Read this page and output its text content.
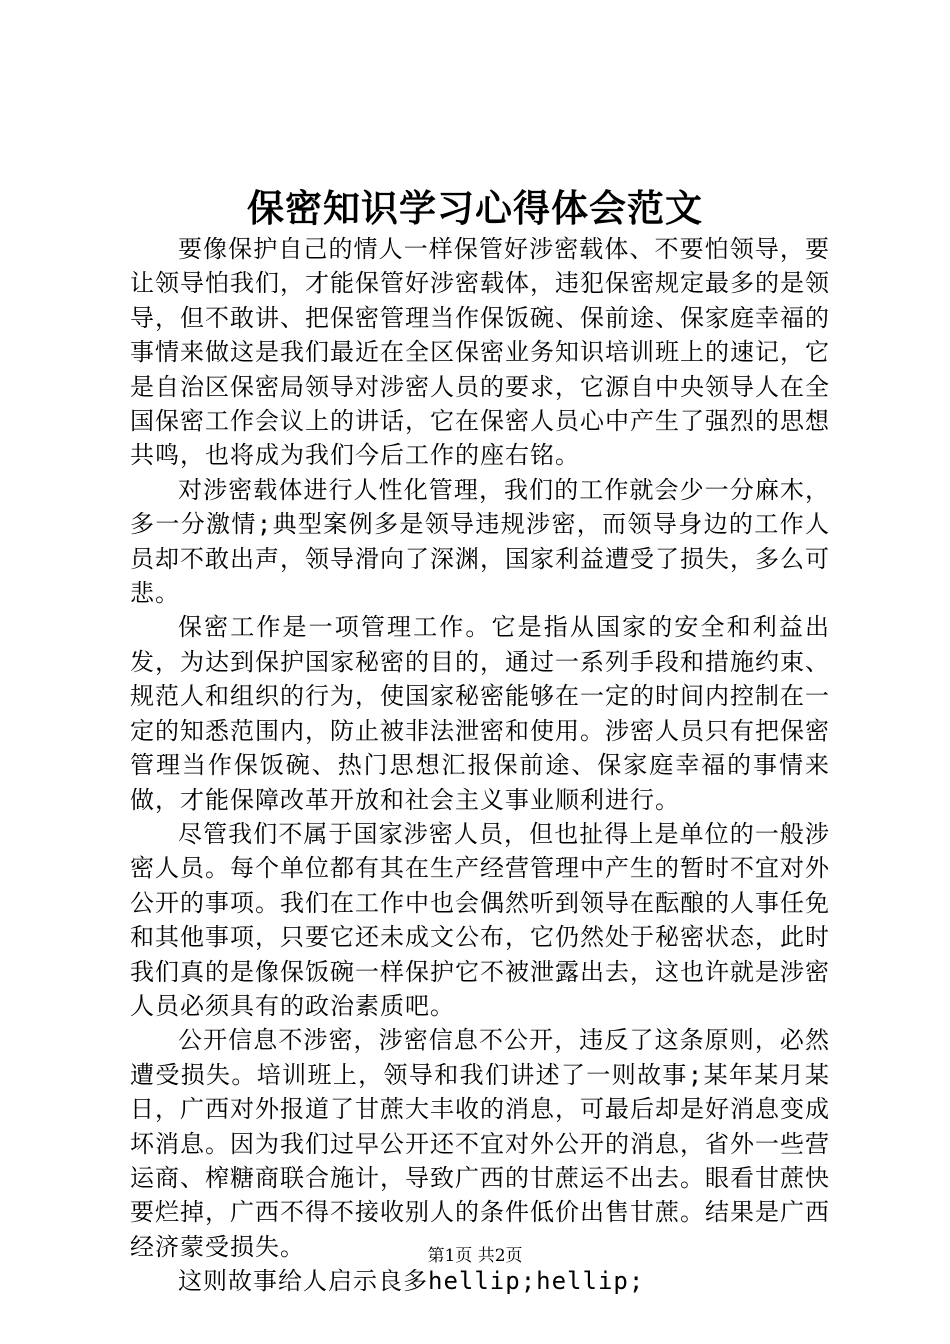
保密知识学习心得体会范文

要像保护自己的情人一样保管好涉密载体、不要怕领导，要让领导怕我们，才能保管好涉密载体，违犯保密规定最多的是领导，但不敢讲、把保密管理当作保饭碗、保前途、保家庭幸福的事情来做这是我们最近在全区保密业务知识培训班上的速记，它是自治区保密局领导对涉密人员的要求，它源自中央领导人在全国保密工作会议上的讲话，它在保密人员心中产生了强烈的思想共鸣，也将成为我们今后工作的座右铭。

对涉密载体进行人性化管理，我们的工作就会少一分麻木，多一分激情;典型案例多是领导违规涉密，而领导身边的工作人员却不敢出声，领导滑向了深渊，国家利益遭受了损失，多么可悲。

保密工作是一项管理工作。它是指从国家的安全和利益出发，为达到保护国家秘密的目的，通过一系列手段和措施约束、规范人和组织的行为，使国家秘密能够在一定的时间内控制在一定的知悉范围内，防止被非法泄密和使用。涉密人员只有把保密管理当作保饭碗、热门思想汇报保前途、保家庭幸福的事情来做，才能保障改革开放和社会主义事业顺利进行。

尽管我们不属于国家涉密人员，但也扯得上是单位的一般涉密人员。每个单位都有其在生产经营管理中产生的暂时不宜对外公开的事项。我们在工作中也会偶然听到领导在酝酿的人事任免和其他事项，只要它还未成文公布，它仍然处于秘密状态，此时我们真的是像保饭碗一样保护它不被泄露出去，这也许就是涉密人员必须具有的政治素质吧。

公开信息不涉密，涉密信息不公开，违反了这条原则，必然遭受损失。培训班上，领导和我们讲述了一则故事;某年某月某日，广西对外报道了甘蔗大丰收的消息，可最后却是好消息变成坏消息。因为我们过早公开还不宜对外公开的消息，省外一些营运商、榨糖商联合施计，导致广西的甘蔗运不出去。眼看甘蔗快要烂掉，广西不得不接收别人的条件低价出售甘蔗。结果是广西经济蒙受损失。

这则故事给人启示良多hellip;hellip;

第1页 共2页
